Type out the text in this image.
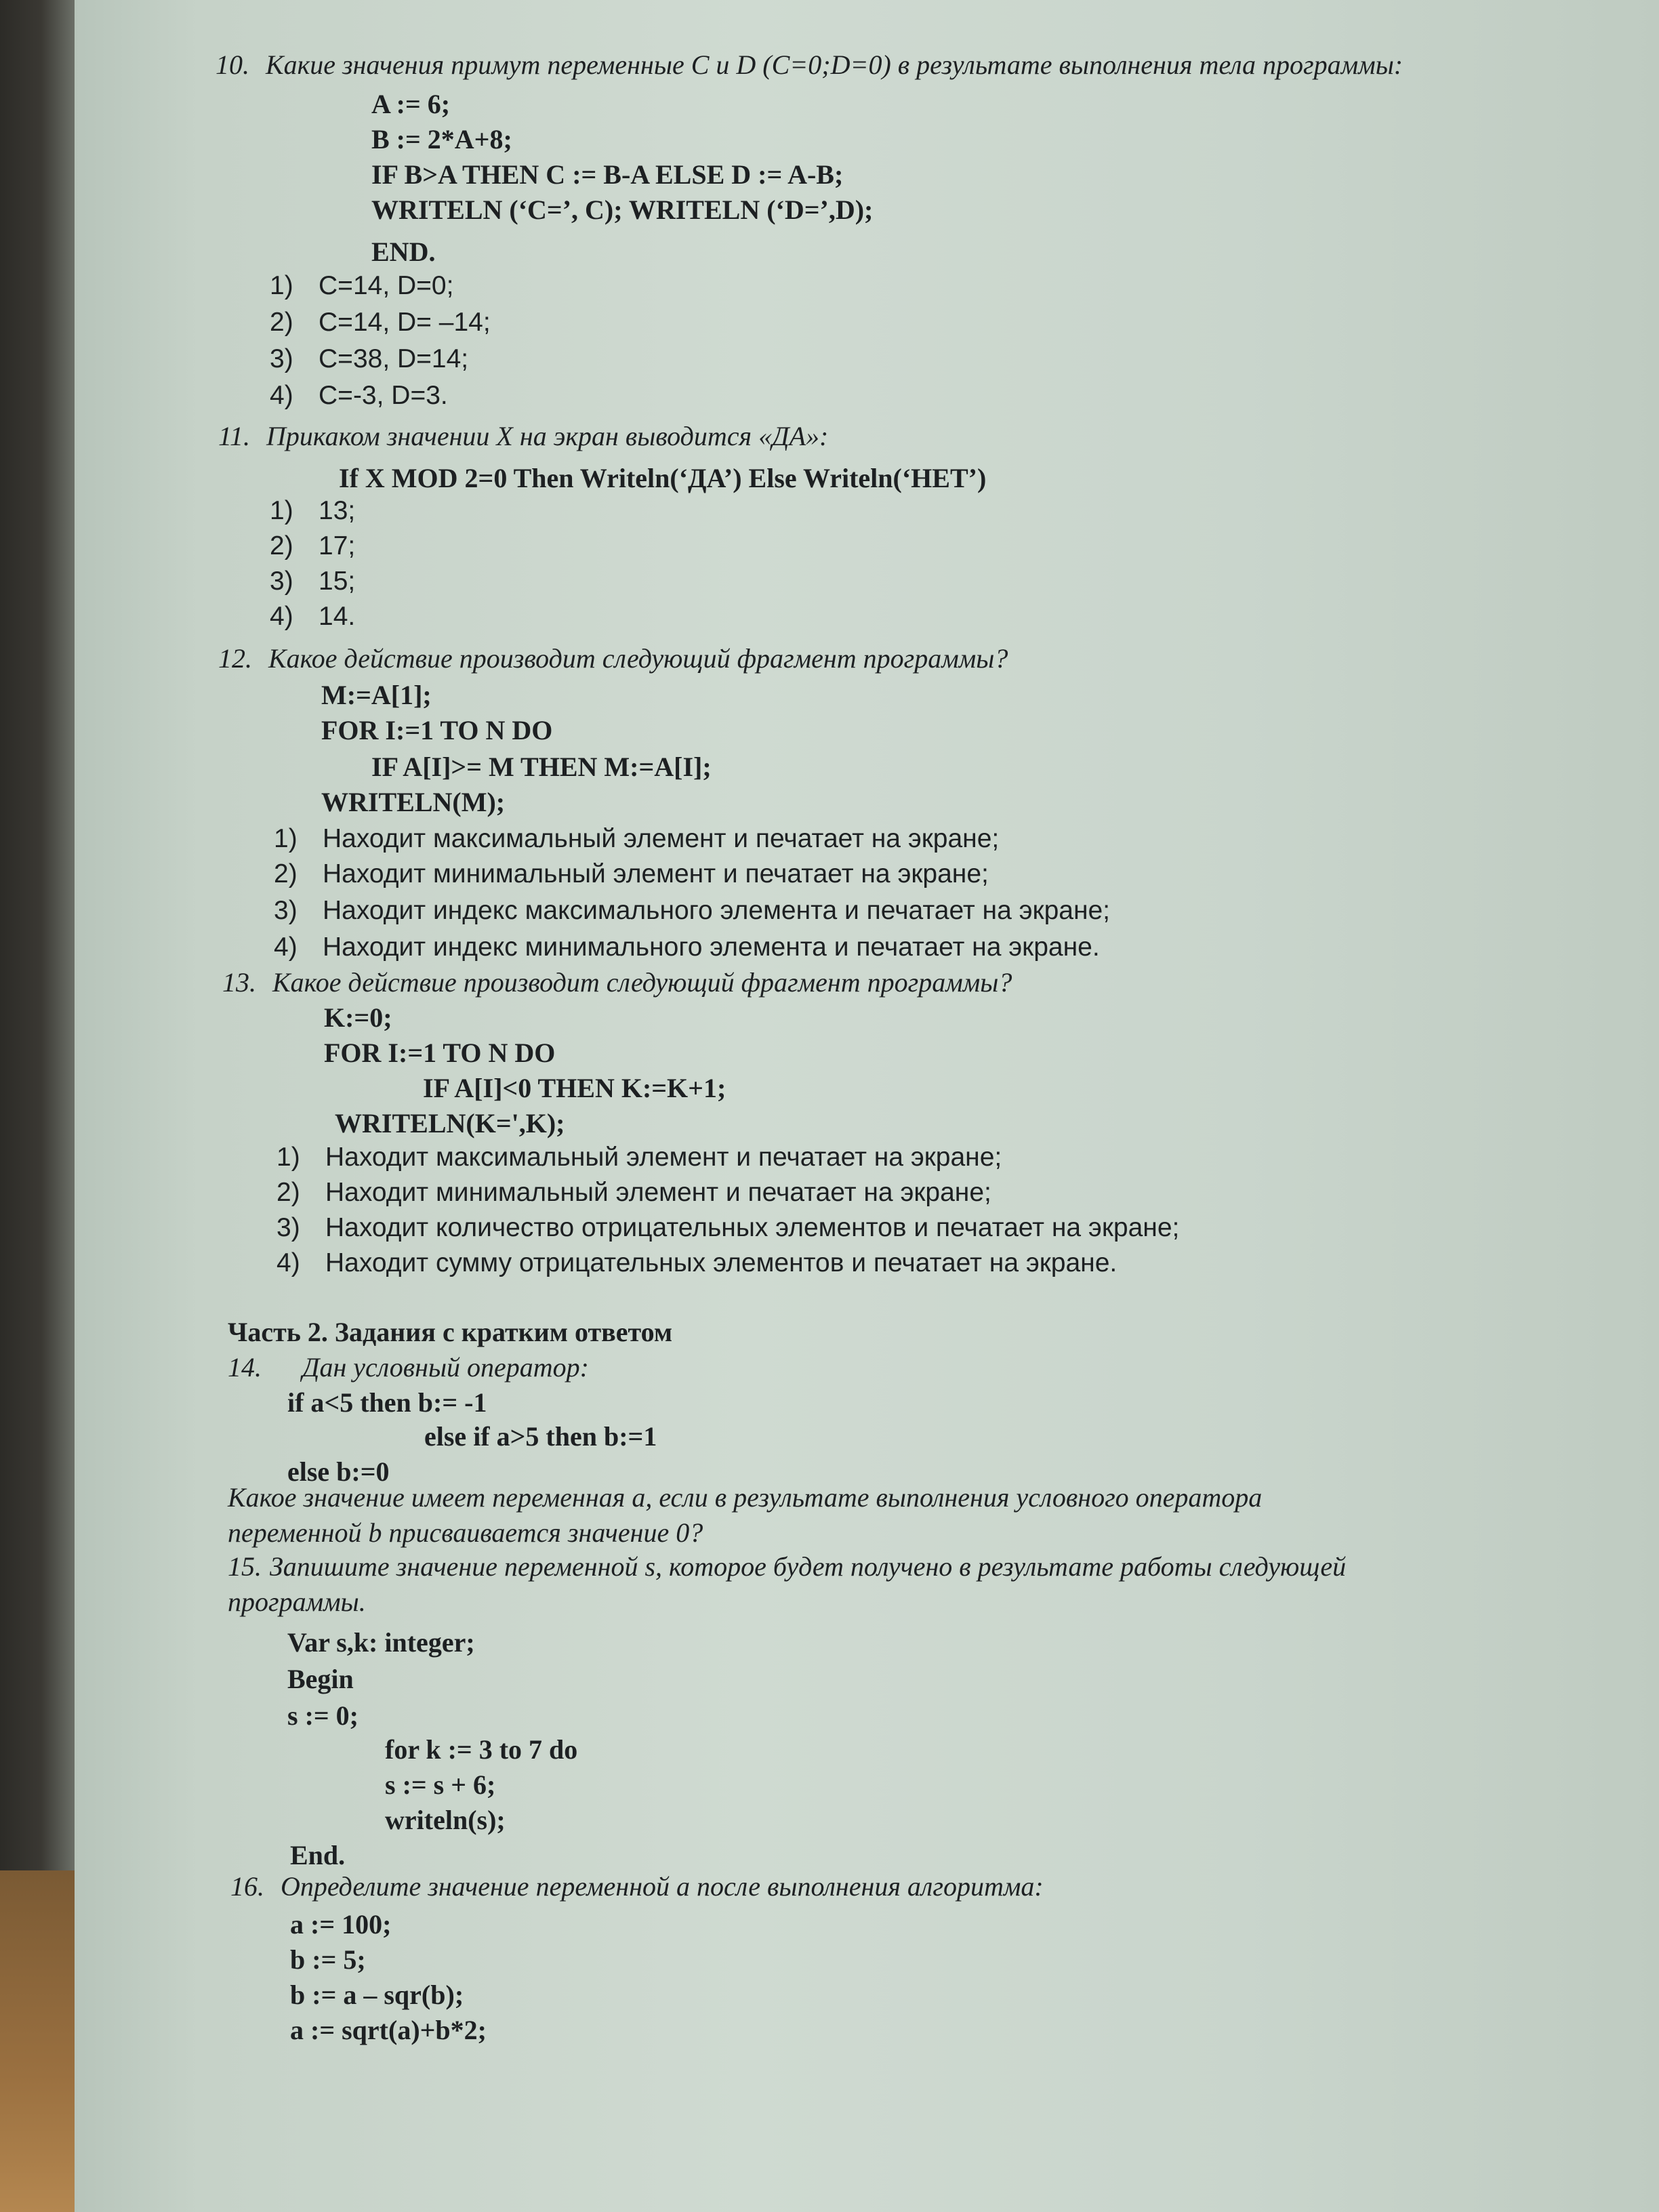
10. Какие значения примут переменные C и D (C=0;D=0) в результате выполнения тела программы:
A := 6;
B := 2*A+8;
IF B>A THEN C := B-A ELSE D := A-B;
WRITELN (‘C=’, C); WRITELN (‘D=’,D);
END.
1) C=14, D=0;
2) C=14, D= –14;
3) C=38, D=14;
4) C=-3, D=3.
11. Прикаком значении X на экран выводится «ДА»:
If X MOD 2=0 Then Writeln(‘ДА’) Else Writeln(‘НЕТ’)
1) 13;
2) 17;
3) 15;
4) 14.
12. Какое действие производит следующий фрагмент программы?
M:=A[1];
FOR I:=1 TO N DO
IF A[I]>= M THEN M:=A[I];
WRITELN(M);
1) Находит максимальный элемент и печатает на экране;
2) Находит минимальный элемент и печатает на экране;
3) Находит индекс максимального элемента и печатает на экране;
4) Находит индекс минимального элемента и печатает на экране.
13. Какое действие производит следующий фрагмент программы?
K:=0;
FOR I:=1 TO N DO
IF A[I]<0 THEN K:=K+1;
WRITELN(K=',K);
1) Находит максимальный элемент и печатает на экране;
2) Находит минимальный элемент и печатает на экране;
3) Находит количество отрицательных элементов и печатает на экране;
4) Находит сумму отрицательных элементов и печатает на экране.
Часть 2. Задания с кратким ответом
14. Дан условный оператор:
if a<5 then b:= -1
else if a>5 then b:=1
else b:=0
Какое значение имеет переменная a, если в результате выполнения условного оператора
переменной b присваивается значение 0?
15. Запишите значение переменной s, которое будет получено в результате работы следующей
программы.
Var s,k: integer;
Begin
s := 0;
for k := 3 to 7 do
s := s + 6;
writeln(s);
End.
16. Определите значение переменной a после выполнения алгоритма:
a := 100;
b := 5;
b := a – sqr(b);
a := sqrt(a)+b*2;
